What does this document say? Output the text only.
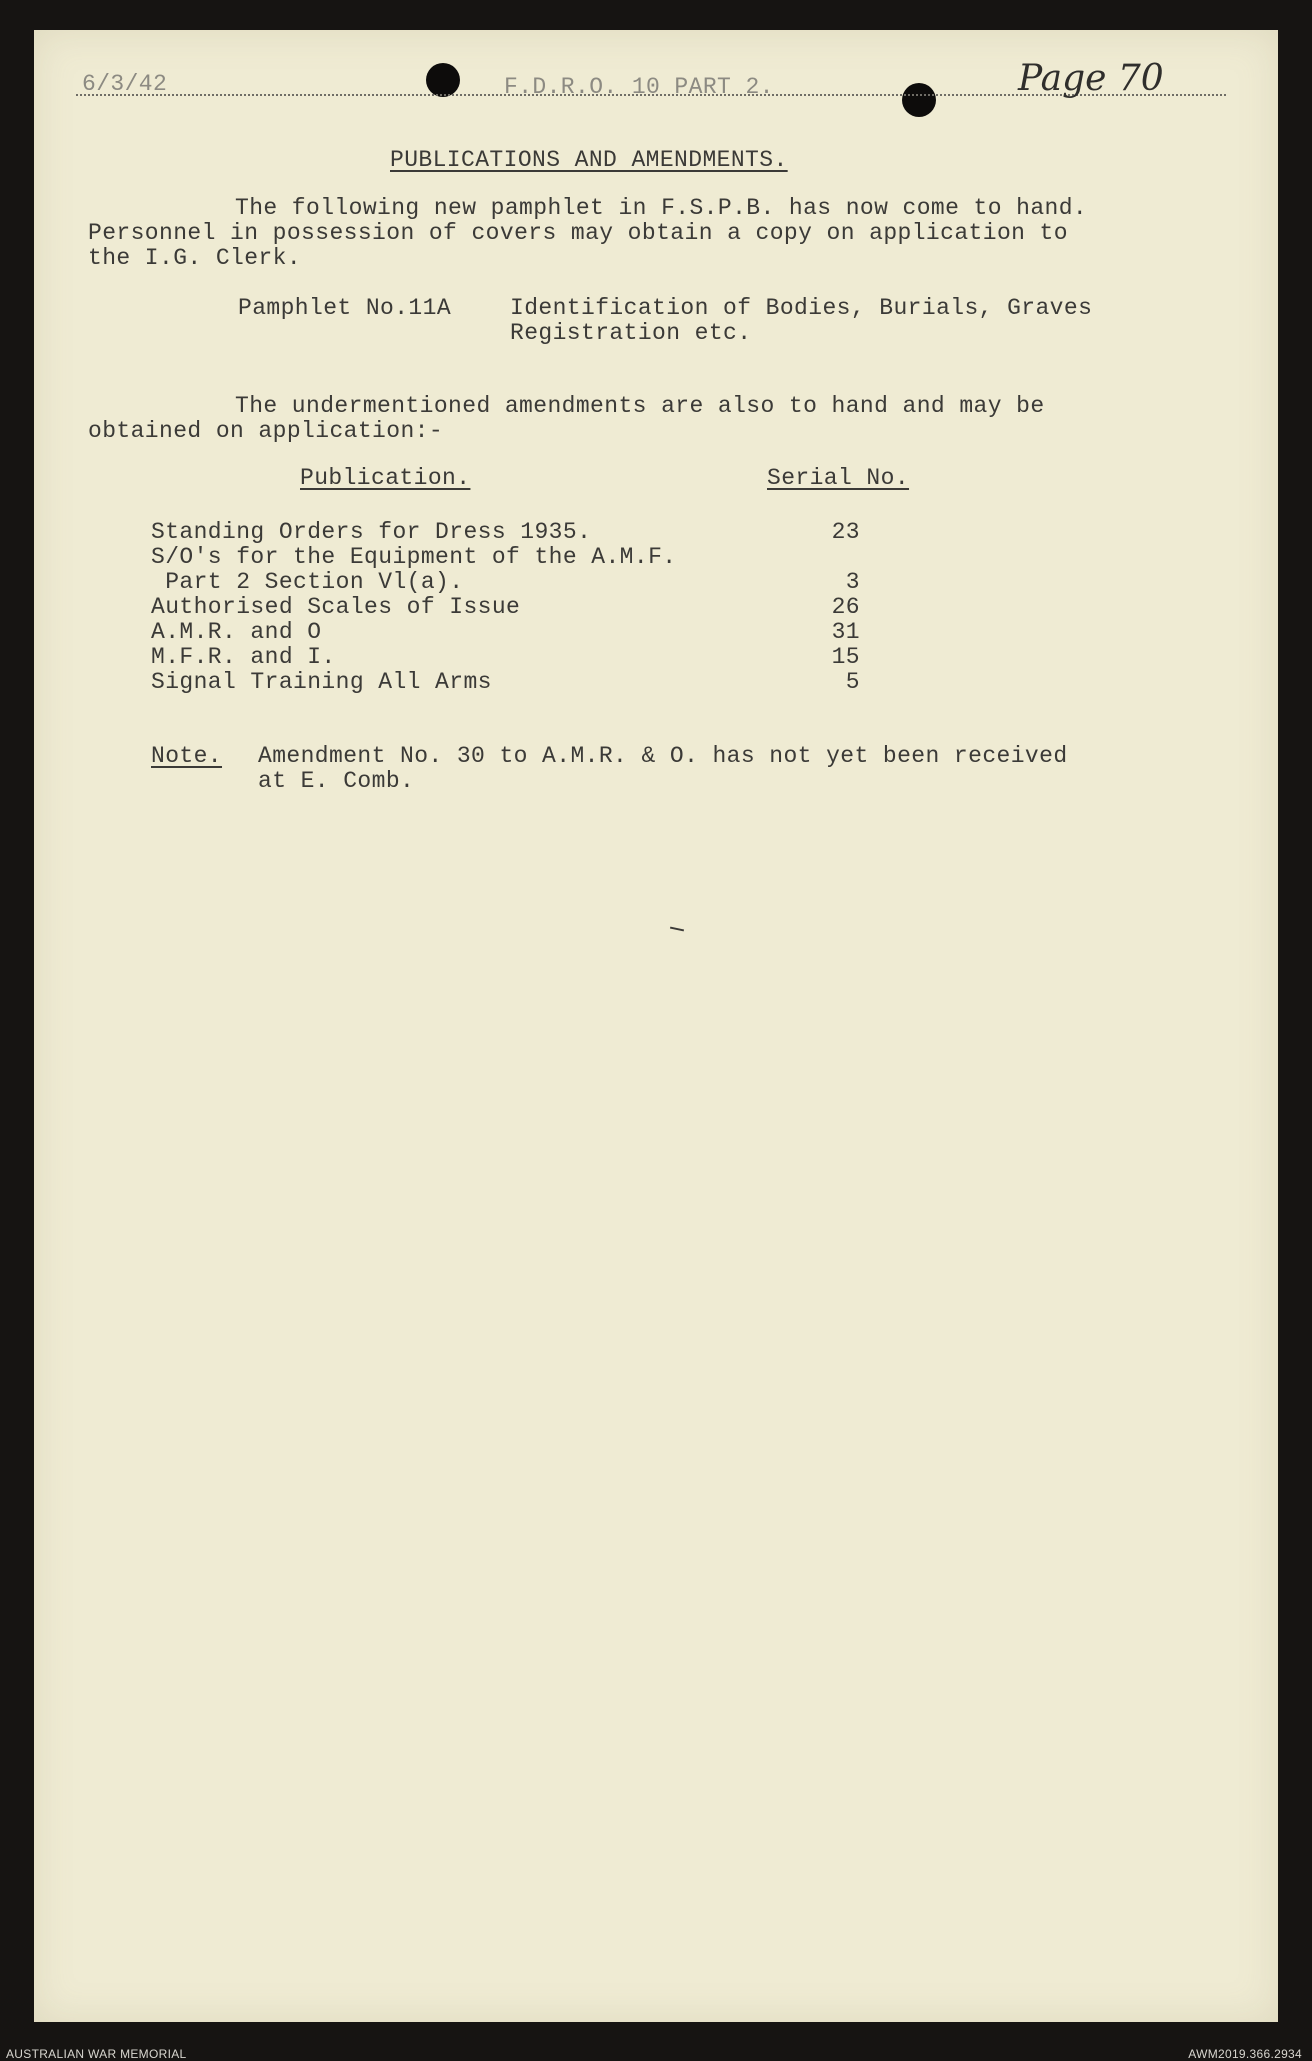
6/3/42	F.D.R.O. 10 PART 2.	Page 70
PUBLICATIONS AND AMENDMENTS.
The following new pamphlet in F.S.P.B. has now come to hand.
Personnel in possession of covers may obtain a copy on application to
the I.G. Clerk.
Pamphlet No.11A	Identification of Bodies, Burials, Graves
Registration etc.
The undermentioned amendments are also to hand and may be
obtained on application:-
Publication.	Serial No.
Standing Orders for Dress 1935.	23
S/O's for the Equipment of the A.M.F.
Part 2 Section Vl(a).	3
Authorised Scales of Issue	26
A.M.R. and O	31
M.F.R. and I.	15
Signal Training All Arms	5
Note. Amendment No. 30 to A.M.R. & O. has not yet been received
at E. Comb.
AUSTRALIAN WAR MEMORIAL	AWM2019.366.2934
